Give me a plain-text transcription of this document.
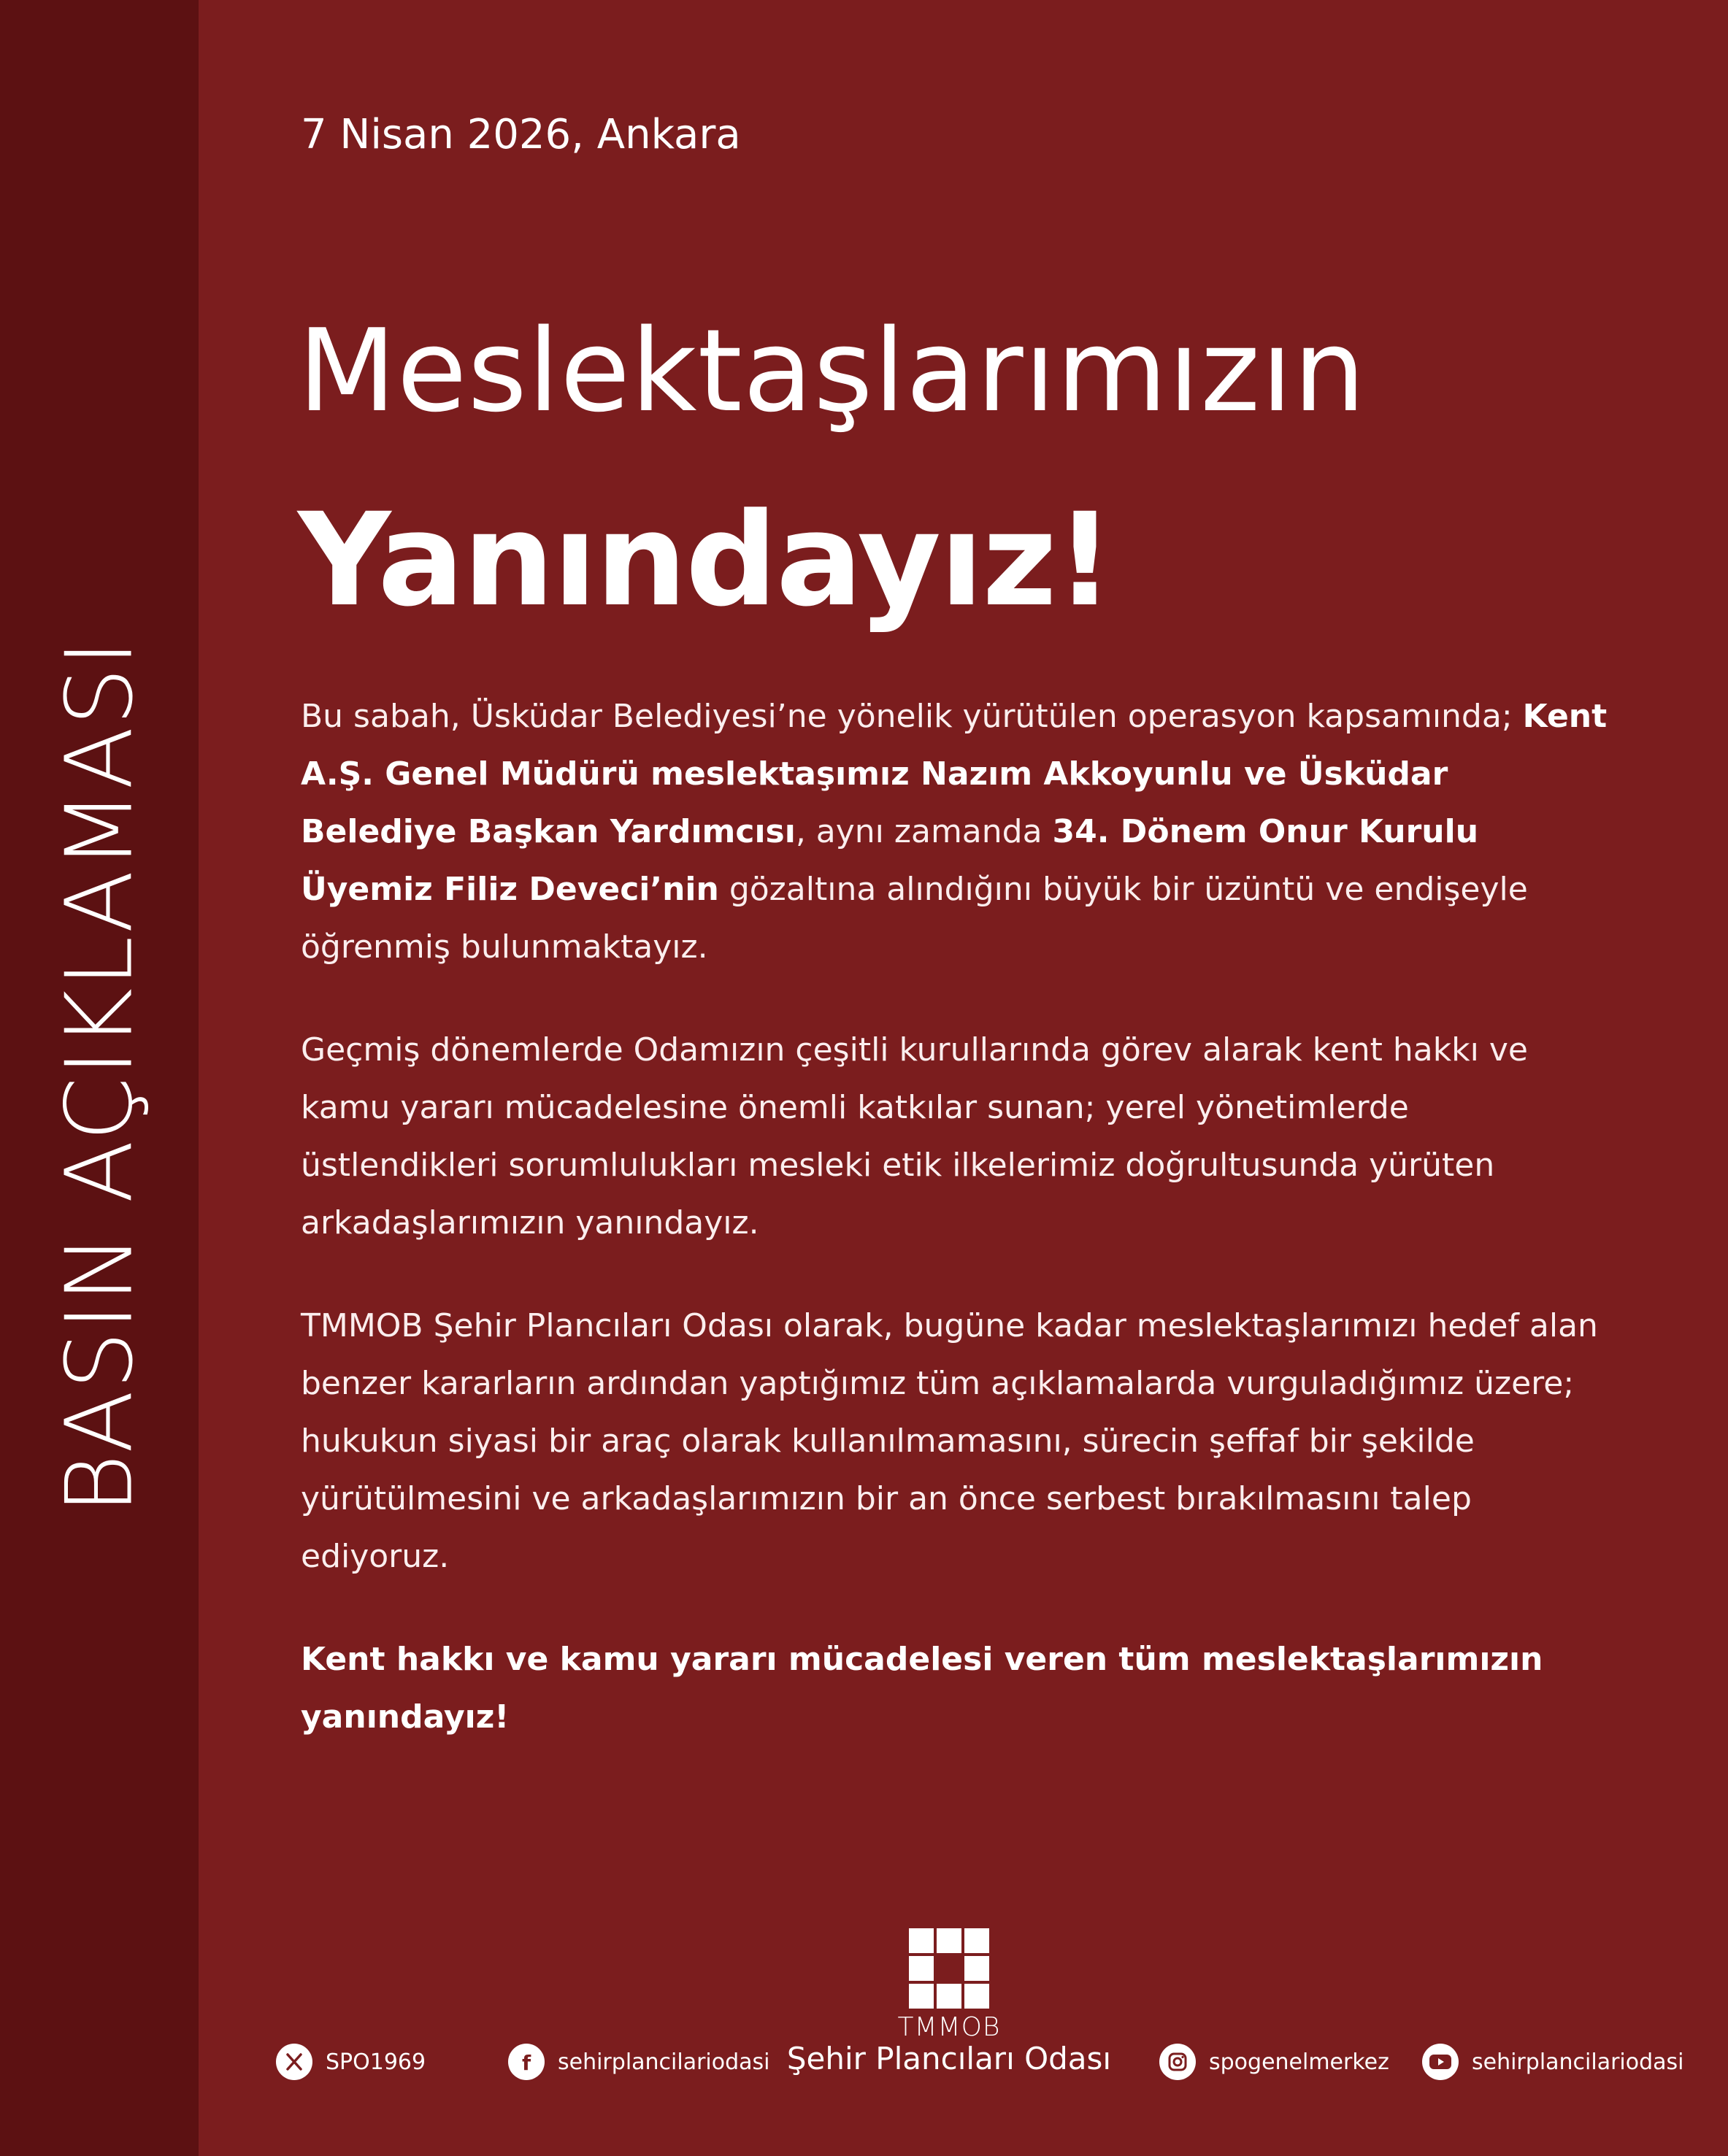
BASIN AÇIKLAMASI
7 Nisan 2026, Ankara
Meslektaşlarımızın
Yanındayız!

Bu sabah, Üsküdar Belediyesi’ne yönelik yürütülen operasyon kapsamında; Kent A.Ş. Genel Müdürü meslektaşımız Nazım Akkoyunlu ve Üsküdar Belediye Başkan Yardımcısı, aynı zamanda 34. Dönem Onur Kurulu Üyemiz Filiz Deveci’nin gözaltına alındığını büyük bir üzüntü ve endişeyle öğrenmiş bulunmaktayız.

Geçmiş dönemlerde Odamızın çeşitli kurullarında görev alarak kent hakkı ve kamu yararı mücadelesine önemli katkılar sunan; yerel yönetimlerde üstlendikleri sorumlulukları mesleki etik ilkelerimiz doğrultusunda yürüten arkadaşlarımızın yanındayız.

TMMOB Şehir Plancıları Odası olarak, bugüne kadar meslektaşlarımızı hedef alan benzer kararların ardından yaptığımız tüm açıklamalarda vurguladığımız üzere; hukukun siyasi bir araç olarak kullanılmamasını, sürecin şeffaf bir şekilde yürütülmesini ve arkadaşlarımızın bir an önce serbest bırakılmasını talep ediyoruz.

Kent hakkı ve kamu yararı mücadelesi veren tüm meslektaşlarımızın yanındayız!

SPO1969	f sehirplancilariodasi
TMMOB
Şehir Plancıları Odası	spogenelmerkez	sehirplancilariodasi
